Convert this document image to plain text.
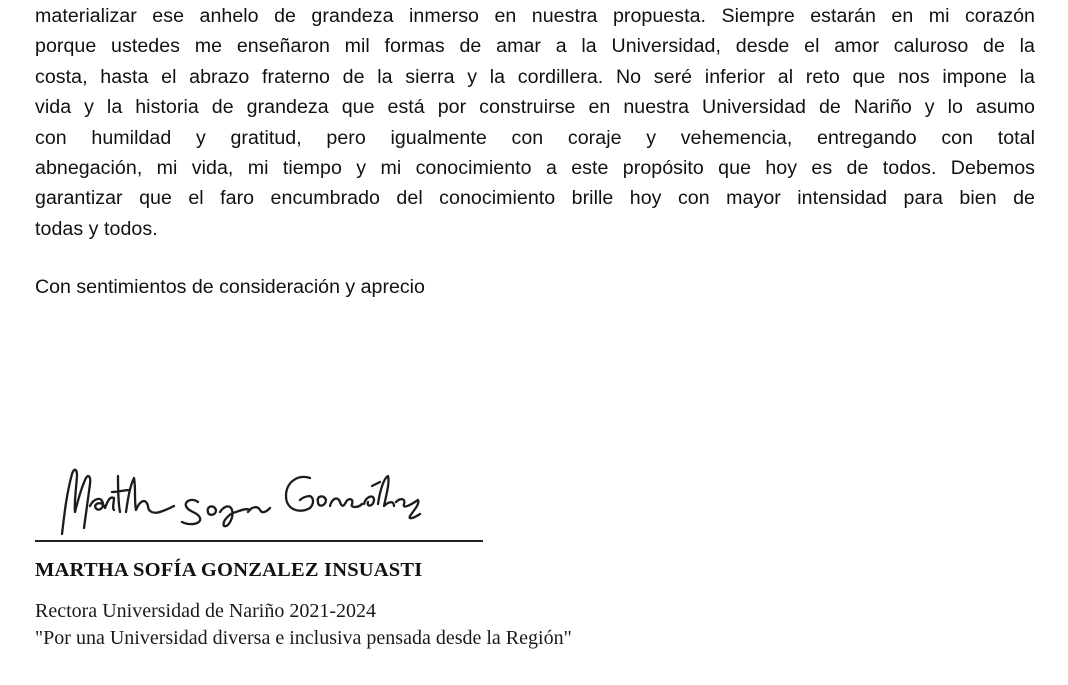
materializar ese anhelo de grandeza inmerso en nuestra propuesta. Siempre estarán en mi corazón
porque ustedes me enseñaron mil formas de amar a la Universidad, desde el amor caluroso de la
costa, hasta el abrazo fraterno de la sierra y la cordillera. No seré inferior al reto que nos impone la
vida y la historia de grandeza que está por construirse en nuestra Universidad de Nariño y lo asumo
con humildad y gratitud, pero igualmente con coraje y vehemencia, entregando con total
abnegación, mi vida, mi tiempo y mi conocimiento a este propósito que hoy es de todos. Debemos
garantizar que el faro encumbrado del conocimiento brille hoy con mayor intensidad para bien de
todas y todos.

Con sentimientos de consideración y aprecio

MARTHA SOFÍA GONZALEZ INSUASTI
Rectora Universidad de Nariño 2021-2024
"Por una Universidad diversa e inclusiva pensada desde la Región"
